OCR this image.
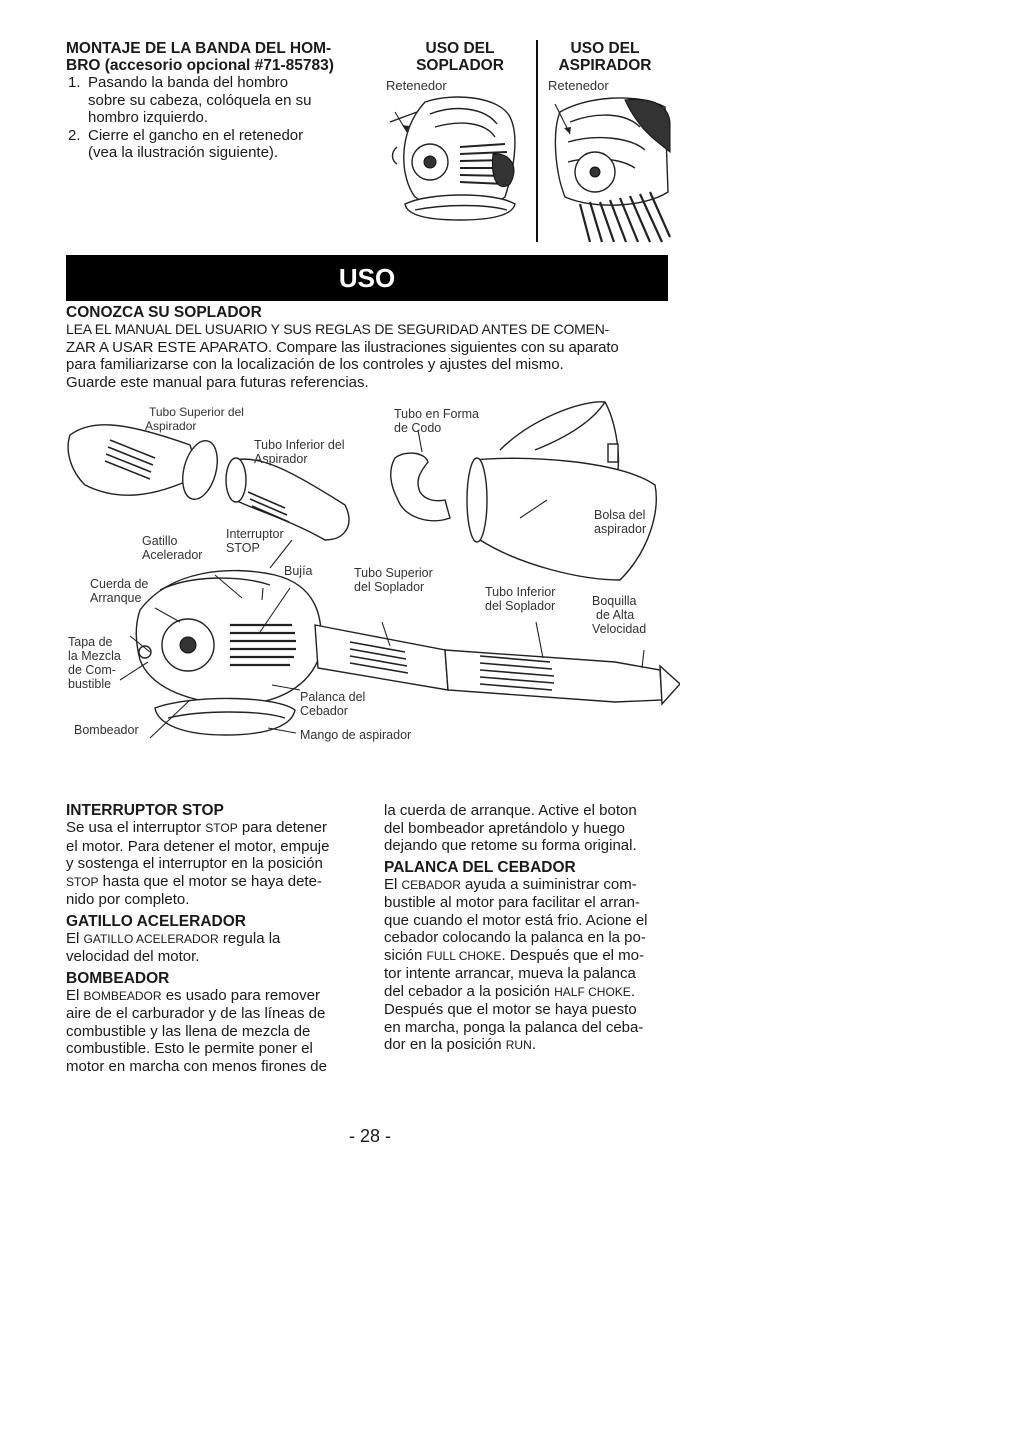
MONTAJE DE LA BANDA DEL HOM-
BRO (accesorio opcional #71-85783)
1. Pasando la banda del hombro
sobre su cabeza, colóquela en su
hombro izquierdo.
2. Cierre el gancho en el retenedor
(vea la ilustración siguiente).
USO DEL
SOPLADOR
Retenedor
USO DEL
ASPIRADOR
Retenedor
USO
CONOZCA SU SOPLADOR
LEA EL MANUAL DEL USUARIO Y SUS REGLAS DE SEGURIDAD ANTES DE COMEN-
ZAR A USAR ESTE APARATO. Compare las ilustraciones siguientes con su aparato
para familiarizarse con la localización de los controles y ajustes del mismo.
Guarde este manual para futuras referencias.
Tubo Superior del
Aspirador
Tubo Inferior del
Aspirador
Tubo en Forma
de Codo
Bolsa del
aspirador
Gatillo
Acelerador
Interruptor
STOP
Bujía	Tubo Superior
del Soplador	Tubo Inferior
del Soplador	Boquilla
de Alta
Velocidad
Cuerda de
Arranque
Tapa de
la Mezcla
de Com-
bustible
Palanca del
Cebador
Bombeador	Mango de aspirador
INTERRUPTOR STOP

Se usa el interruptor STOP para detener

el motor. Para detener el motor, empuje

y sostenga el interruptor en la posición

STOP hasta que el motor se haya dete-

nido por completo.

GATILLO ACELERADOR

El GATILLO ACELERADOR regula la

velocidad del motor.

BOMBEADOR

El BOMBEADOR es usado para remover

aire de el carburador y de las líneas de

combustible y las llena de mezcla de

combustible. Esto le permite poner el

motor en marcha con menos firones de

la cuerda de arranque. Active el boton

del bombeador apretándolo y huego

dejando que retome su forma original.

PALANCA DEL CEBADOR

El CEBADOR ayuda a suiministrar com-

bustible al motor para facilitar el arran-

que cuando el motor está frio. Acione el

cebador colocando la palanca en la po-

sición FULL CHOKE. Después que el mo-

tor intente arrancar, mueva la palanca

del cebador a la posición HALF CHOKE.

Después que el motor se haya puesto

en marcha, ponga la palanca del ceba-

dor en la posición RUN.

- 28 -
